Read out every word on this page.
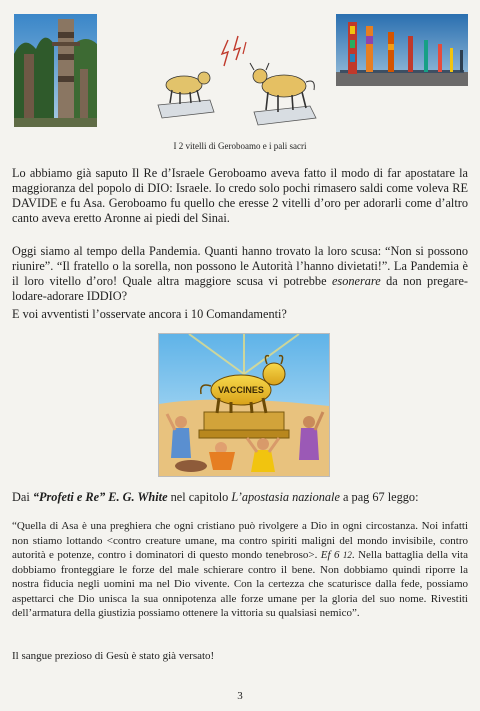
I 2 vitelli di Geroboamo e i pali sacri

Lo abbiamo già saputo Il Re d’Israele Geroboamo aveva fatto il modo di far apostatare la maggioranza del popolo di DIO: Israele. Io credo solo pochi rimasero saldi come voleva RE DAVIDE e fu Asa. Geroboamo fu quello che eresse 2 vitelli d’oro per adorarli come d’altro canto aveva eretto Aronne ai piedi del Sinai.

Oggi siamo al tempo della Pandemia. Quanti hanno trovato la loro scusa: “Non si possono riunire”. “Il fratello o la sorella, non possono le Autorità l’hanno divietati!”. La Pandemia è il loro vitello d’oro! Quale altra maggiore scusa vi potrebbe esonerare da non pregare-lodare-adorare IDDIO?

E voi avventisti l’osservate ancora i 10 Comandamenti?

VACCINES

Dai “Profeti e Re” E. G. White nel capitolo L’apostasia nazionale a pag 67 leggo:

“Quella di Asa è una preghiera che ogni cristiano può rivolgere a Dio in ogni circostanza. Noi infatti non stiamo lottando <contro creature umane, ma contro spiriti maligni del mondo invisibile, contro autorità e potenze, contro i dominatori di questo mondo tenebroso>. Ef 6 12. Nella battaglia della vita dobbiamo fronteggiare le forze del male schierare contro il bene. Non dobbiamo quindi riporre la nostra fiducia negli uomini ma nel Dio vivente. Con la certezza che scaturisce dalla fede, possiamo aspettarci che Dio unisca la sua onnipotenza alle forze umane per la gloria del suo nome. Rivestiti dell’armatura della giustizia possiamo ottenere la vittoria su qualsiasi nemico”.

Il sangue prezioso di Gesù è stato già versato!

3
